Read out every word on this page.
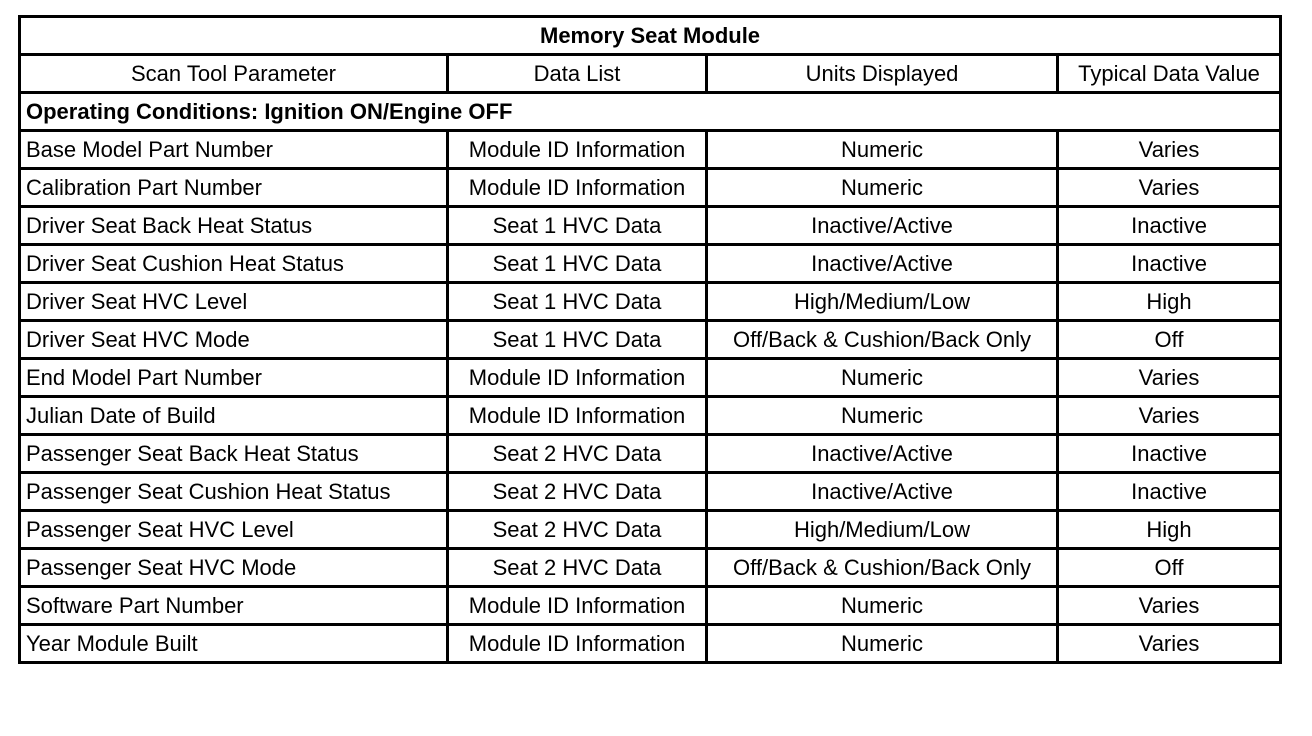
Memory Seat Module			
Scan Tool Parameter	Data List	Units Displayed	Typical Data Value
Operating Conditions: Ignition ON/Engine OFF			
Base Model Part Number	Module ID Information	Numeric	Varies
Calibration Part Number	Module ID Information	Numeric	Varies
Driver Seat Back Heat Status	Seat 1 HVC Data	Inactive/Active	Inactive
Driver Seat Cushion Heat Status	Seat 1 HVC Data	Inactive/Active	Inactive
Driver Seat HVC Level	Seat 1 HVC Data	High/Medium/Low	High
Driver Seat HVC Mode	Seat 1 HVC Data	Off/Back & Cushion/Back Only	Off
End Model Part Number	Module ID Information	Numeric	Varies
Julian Date of Build	Module ID Information	Numeric	Varies
Passenger Seat Back Heat Status	Seat 2 HVC Data	Inactive/Active	Inactive
Passenger Seat Cushion Heat Status	Seat 2 HVC Data	Inactive/Active	Inactive
Passenger Seat HVC Level	Seat 2 HVC Data	High/Medium/Low	High
Passenger Seat HVC Mode	Seat 2 HVC Data	Off/Back & Cushion/Back Only	Off
Software Part Number	Module ID Information	Numeric	Varies
Year Module Built	Module ID Information	Numeric	Varies
